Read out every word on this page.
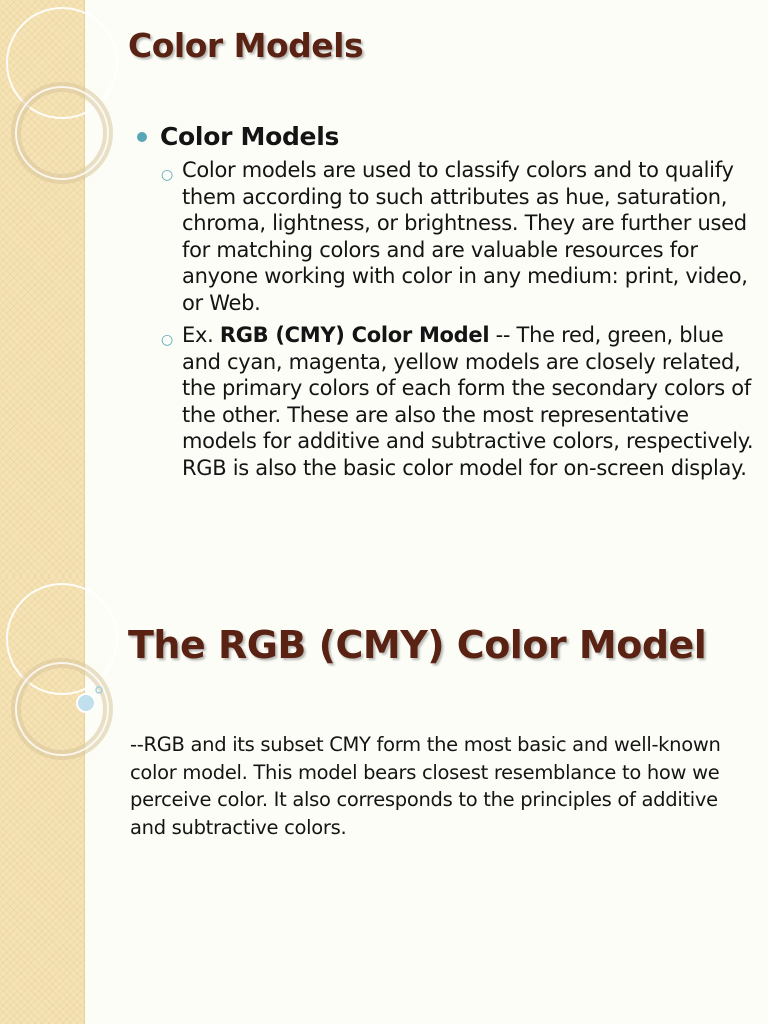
Color Models
Color Models
○ Color models are used to classify colors and to qualify them according to such attributes as hue, saturation, chroma, lightness, or brightness. They are further used for matching colors and are valuable resources for anyone working with color in any medium: print, video, or Web.
○ Ex. RGB (CMY) Color Model -- The red, green, blue and cyan, magenta, yellow models are closely related, the primary colors of each form the secondary colors of the other. These are also the most representative models for additive and subtractive colors, respectively. RGB is also the basic color model for on-screen display.
The RGB (CMY) Color Model

--RGB and its subset CMY form the most basic and well-known color model. This model bears closest resemblance to how we perceive color. It also corresponds to the principles of additive and subtractive colors.
